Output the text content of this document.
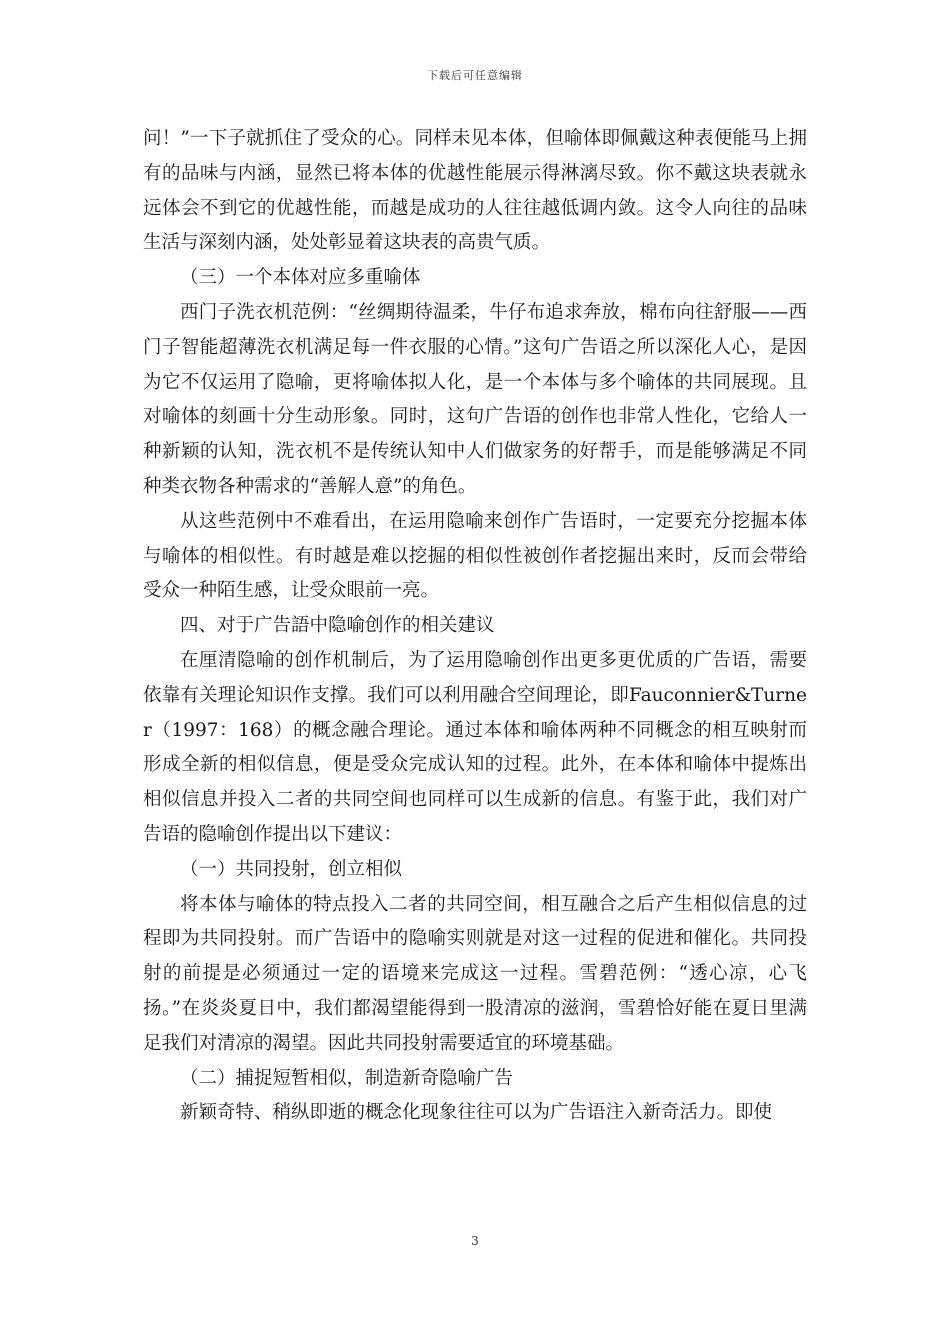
下载后可任意编辑

问！”一下子就抓住了受众的心。同样未见本体，但喻体即佩戴这种表便能马上拥有的品味与内涵，显然已将本体的优越性能展示得淋漓尽致。你不戴这块表就永远体会不到它的优越性能，而越是成功的人往往越低调内敛。这令人向往的品味生活与深刻内涵，处处彰显着这块表的高贵气质。

（三）一个本体对应多重喻体

西门子洗衣机范例：“丝绸期待温柔，牛仔布追求奔放，棉布向往舒服——西门子智能超薄洗衣机满足每一件衣服的心情。”这句广告语之所以深化人心，是因为它不仅运用了隐喻，更将喻体拟人化，是一个本体与多个喻体的共同展现。且对喻体的刻画十分生动形象。同时，这句广告语的创作也非常人性化，它给人一种新颖的认知，洗衣机不是传统认知中人们做家务的好帮手，而是能够满足不同种类衣物各种需求的“善解人意”的角色。

从这些范例中不难看出，在运用隐喻来创作广告语时，一定要充分挖掘本体与喻体的相似性。有时越是难以挖掘的相似性被创作者挖掘出来时，反而会带给受众一种陌生感，让受众眼前一亮。

四、对于广告語中隐喻创作的相关建议

在厘清隐喻的创作机制后，为了运用隐喻创作出更多更优质的广告语，需要依靠有关理论知识作支撑。我们可以利用融合空间理论，即Fauconnier&Turner（1997：168）的概念融合理论。通过本体和喻体两种不同概念的相互映射而形成全新的相似信息，便是受众完成认知的过程。此外，在本体和喻体中提炼出相似信息并投入二者的共同空间也同样可以生成新的信息。有鉴于此，我们对广告语的隐喻创作提出以下建议：

（一）共同投射，创立相似

将本体与喻体的特点投入二者的共同空间，相互融合之后产生相似信息的过程即为共同投射。而广告语中的隐喻实则就是对这一过程的促进和催化。共同投射的前提是必须通过一定的语境来完成这一过程。雪碧范例：“透心凉，心飞扬。”在炎炎夏日中，我们都渴望能得到一股清凉的滋润，雪碧恰好能在夏日里满足我们对清凉的渴望。因此共同投射需要适宜的环境基础。

（二）捕捉短暂相似，制造新奇隐喻广告

新颖奇特、稍纵即逝的概念化现象往往可以为广告语注入新奇活力。即使

3
